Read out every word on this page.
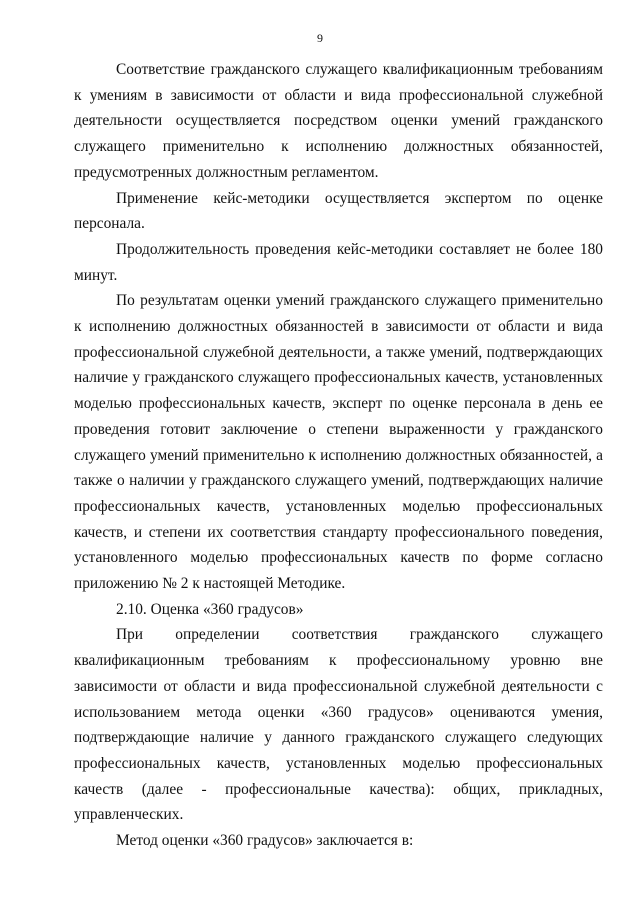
9

Соответствие гражданского служащего квалификационным требованиям к умениям в зависимости от области и вида профессиональной служебной деятельности осуществляется посредством оценки умений гражданского служащего применительно к исполнению должностных обязанностей, предусмотренных должностным регламентом.

Применение кейс-методики осуществляется экспертом по оценке персонала.

Продолжительность проведения кейс-методики составляет не более 180 минут.

По результатам оценки умений гражданского служащего применительно к исполнению должностных обязанностей в зависимости от области и вида профессиональной служебной деятельности, а также умений, подтверждающих наличие у гражданского служащего профессиональных качеств, установленных моделью профессиональных качеств, эксперт по оценке персонала в день ее проведения готовит заключение о степени выраженности у гражданского служащего умений применительно к исполнению должностных обязанностей, а также о наличии у гражданского служащего умений, подтверждающих наличие профессиональных качеств, установленных моделью профессиональных качеств, и степени их соответствия стандарту профессионального поведения, установленного моделью профессиональных качеств по форме согласно приложению № 2 к настоящей Методике.

2.10. Оценка «360 градусов»

При определении соответствия гражданского служащего квалификационным требованиям к профессиональному уровню вне зависимости от области и вида профессиональной служебной деятельности с использованием метода оценки «360 градусов» оцениваются умения, подтверждающие наличие у данного гражданского служащего следующих профессиональных качеств, установленных моделью профессиональных качеств (далее - профессиональные качества): общих, прикладных, управленческих.

Метод оценки «360 градусов» заключается в:
